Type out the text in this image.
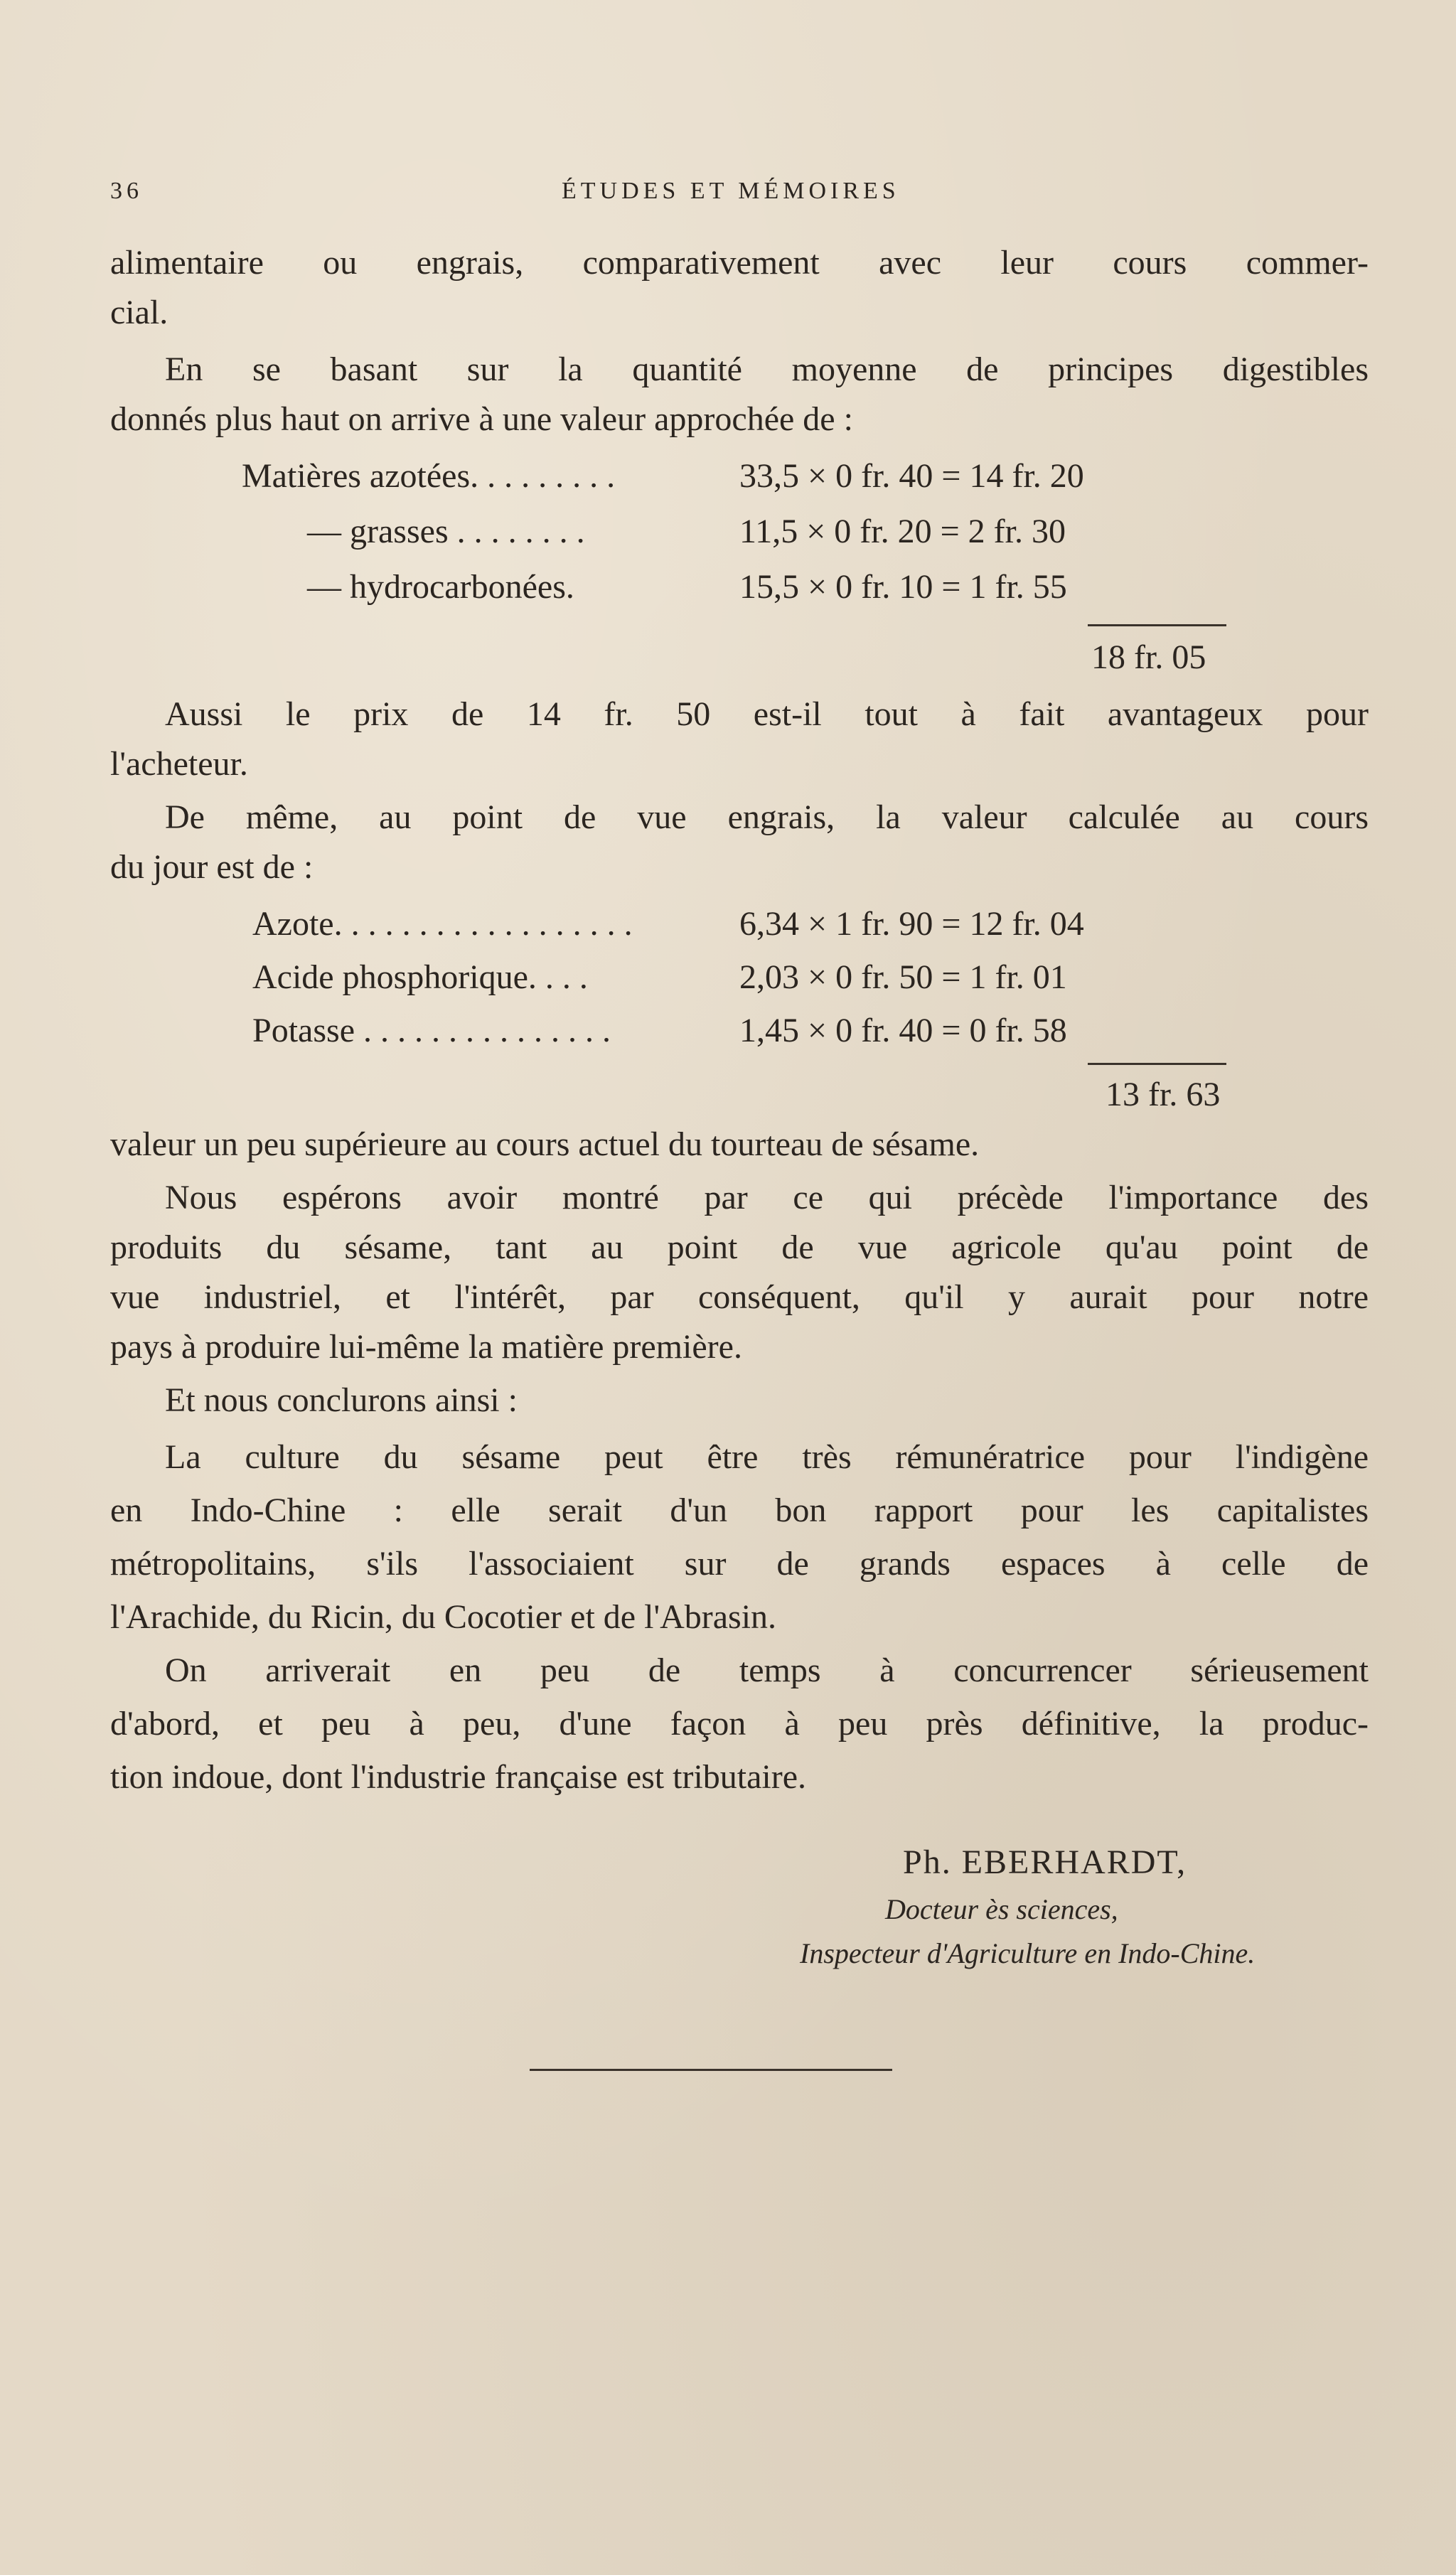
36	ÉTUDES ET MÉMOIRES
alimentaire ou engrais, comparativement avec leur cours commer-
cial.
En se basant sur la quantité moyenne de principes digestibles
donnés plus haut on arrive à une valeur approchée de :
Matières azotées. . . . . . . . .	33,5 × 0 fr. 40 = 14 fr. 20
— grasses . . . . . . . .	11,5 × 0 fr. 20 = 2 fr. 30
— hydrocarbonées.	15,5 × 0 fr. 10 = 1 fr. 55
18 fr. 05
Aussi le prix de 14 fr. 50 est-il tout à fait avantageux pour
l'acheteur.
De même, au point de vue engrais, la valeur calculée au cours
du jour est de :
Azote. . . . . . . . . . . . . . . . . .	6,34 × 1 fr. 90 = 12 fr. 04
Acide phosphorique. . . .	2,03 × 0 fr. 50 = 1 fr. 01
Potasse . . . . . . . . . . . . . . .	1,45 × 0 fr. 40 = 0 fr. 58
13 fr. 63
valeur un peu supérieure au cours actuel du tourteau de sésame.
Nous espérons avoir montré par ce qui précède l'importance des
produits du sésame, tant au point de vue agricole qu'au point de
vue industriel, et l'intérêt, par conséquent, qu'il y aurait pour notre
pays à produire lui-même la matière première.
Et nous conclurons ainsi :
La culture du sésame peut être très rémunératrice pour l'indigène
en Indo-Chine : elle serait d'un bon rapport pour les capitalistes
métropolitains, s'ils l'associaient sur de grands espaces à celle de
l'Arachide, du Ricin, du Cocotier et de l'Abrasin.
On arriverait en peu de temps à concurrencer sérieusement
d'abord, et peu à peu, d'une façon à peu près définitive, la produc-
tion indoue, dont l'industrie française est tributaire.
Ph. EBERHARDT,
Docteur ès sciences,
Inspecteur d'Agriculture en Indo-Chine.
